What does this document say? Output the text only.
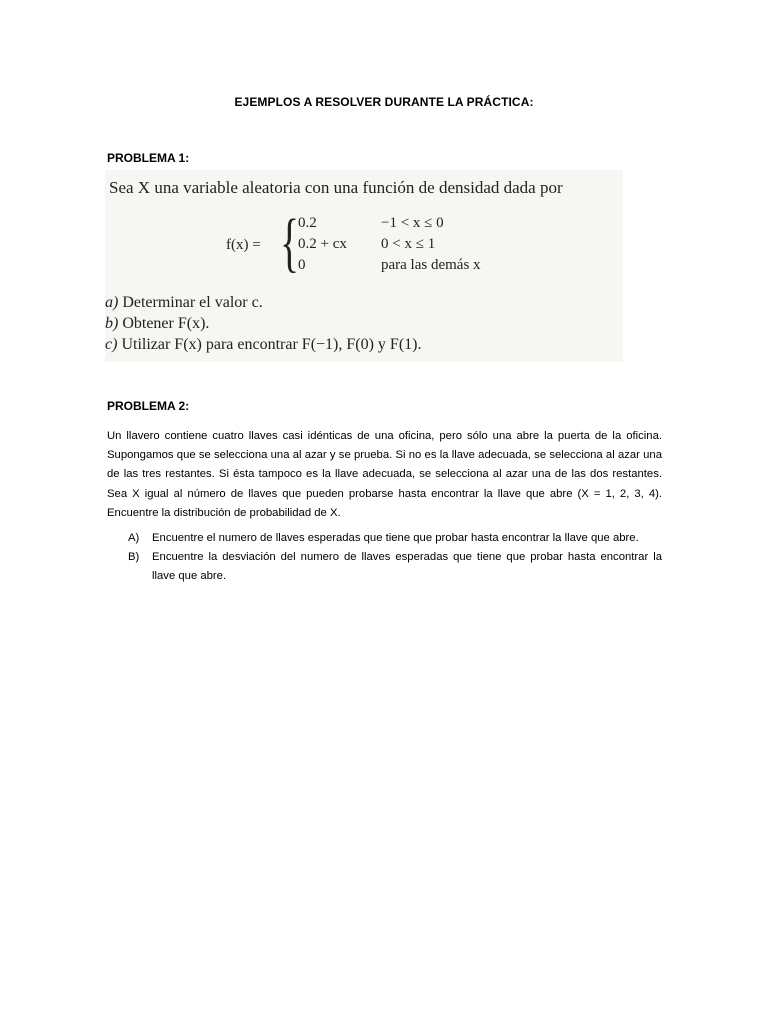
EJEMPLOS A RESOLVER DURANTE LA PRÁCTICA:
PROBLEMA 1:
Sea X una variable aleatoria con una función de densidad dada por
f(x) = {
0.2	−1 < x ≤ 0
0.2 + cx 0 < x ≤ 1
0	para las demás x
a) Determinar el valor c.
b) Obtener F(x).
c) Utilizar F(x) para encontrar F(−1), F(0) y F(1).
PROBLEMA 2:
Un llavero contiene cuatro llaves casi idénticas de una oficina, pero sólo una abre la puerta de la oficina. Supongamos que se selecciona una al azar y se prueba. Si no es la llave adecuada, se selecciona al azar una de las tres restantes. Si ésta tampoco es la llave adecuada, se selecciona al azar una de las dos restantes. Sea X igual al número de llaves que pueden probarse hasta encontrar la llave que abre (X = 1, 2, 3, 4). Encuentre la distribución de probabilidad de X.
A) Encuentre el numero de llaves esperadas que tiene que probar hasta encontrar la llave que abre.
B) Encuentre la desviación del numero de llaves esperadas que tiene que probar hasta encontrar la llave que abre.
